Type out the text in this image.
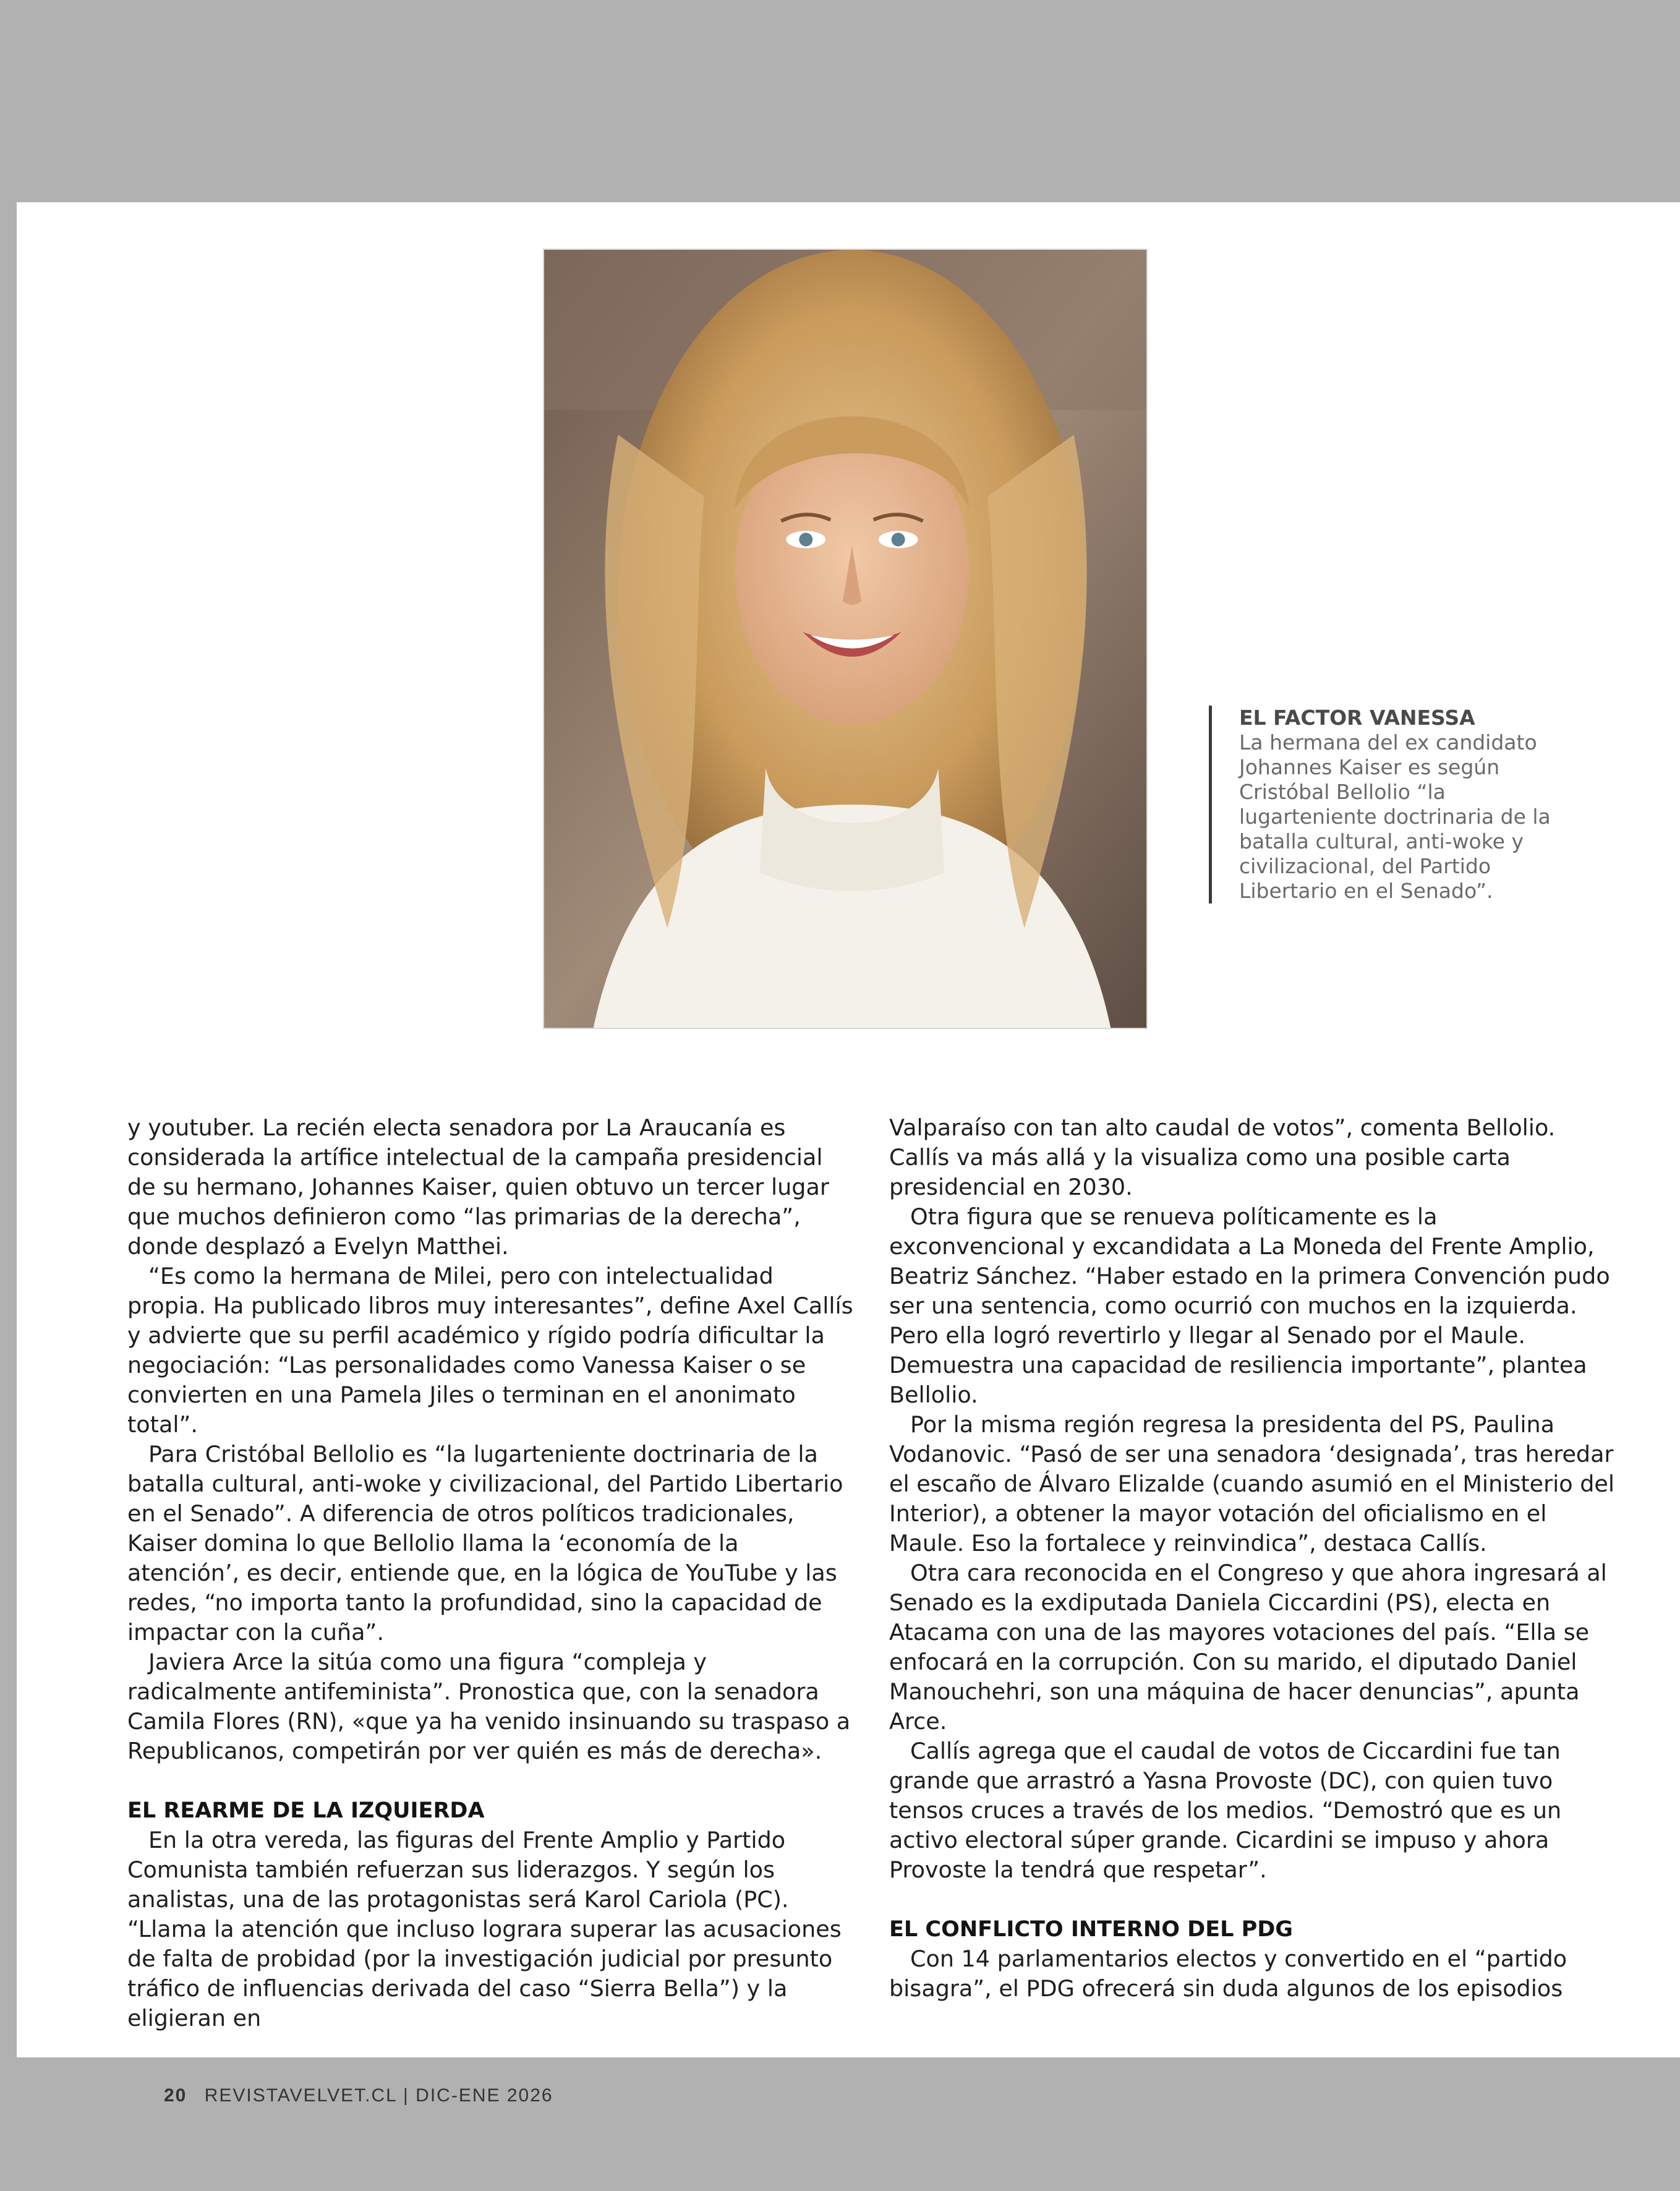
EL FACTOR VANESSA
La hermana del ex candidato Johannes Kaiser es según Cristóbal Bellolio “la lugarteniente doctrinaria de la batalla cultural, anti-woke y civilizacional, del Partido Libertario en el Senado”.

y youtuber. La recién electa senadora por La Araucanía es considerada la artífice intelectual de la campaña presidencial de su hermano, Johannes Kaiser, quien obtuvo un tercer lugar que muchos definieron como “las primarias de la derecha”, donde desplazó a Evelyn Matthei.

“Es como la hermana de Milei, pero con intelectualidad propia. Ha publicado libros muy interesantes”, define Axel Callís y advierte que su perfil académico y rígido podría dificultar la negociación: “Las personalidades como Vanessa Kaiser o se convierten en una Pamela Jiles o terminan en el anonimato total”.

Para Cristóbal Bellolio es “la lugarteniente doctrinaria de la batalla cultural, anti-woke y civilizacional, del Partido Libertario en el Senado”. A diferencia de otros políticos tradicionales, Kaiser domina lo que Bellolio llama la ‘economía de la atención’, es decir, entiende que, en la lógica de YouTube y las redes, “no importa tanto la profundidad, sino la capacidad de impactar con la cuña”.

Javiera Arce la sitúa como una figura “compleja y radicalmente antifeminista”. Pronostica que, con la senadora Camila Flores (RN), «que ya ha venido insinuando su traspaso a Republicanos, competirán por ver quién es más de derecha».

EL REARME DE LA IZQUIERDA

En la otra vereda, las figuras del Frente Amplio y Partido Comunista también refuerzan sus liderazgos. Y según los analistas, una de las protagonistas será Karol Cariola (PC). “Llama la atención que incluso lograra superar las acusaciones de falta de probidad (por la investigación judicial por presunto tráfico de influencias derivada del caso “Sierra Bella”) y la eligieran en

Valparaíso con tan alto caudal de votos”, comenta Bellolio. Callís va más allá y la visualiza como una posible carta presidencial en 2030.

Otra figura que se renueva políticamente es la exconvencional y excandidata a La Moneda del Frente Amplio, Beatriz Sánchez. “Haber estado en la primera Convención pudo ser una sentencia, como ocurrió con muchos en la izquierda. Pero ella logró revertirlo y llegar al Senado por el Maule. Demuestra una capacidad de resiliencia importante”, plantea Bellolio.

Por la misma región regresa la presidenta del PS, Paulina Vodanovic. “Pasó de ser una senadora ‘designada’, tras heredar el escaño de Álvaro Elizalde (cuando asumió en el Ministerio del Interior), a obtener la mayor votación del oficialismo en el Maule. Eso la fortalece y reinvindica”, destaca Callís.

Otra cara reconocida en el Congreso y que ahora ingresará al Senado es la exdiputada Daniela Ciccardini (PS), electa en Atacama con una de las mayores votaciones del país. “Ella se enfocará en la corrupción. Con su marido, el diputado Daniel Manouchehri, son una máquina de hacer denuncias”, apunta Arce.

Callís agrega que el caudal de votos de Ciccardini fue tan grande que arrastró a Yasna Provoste (DC), con quien tuvo tensos cruces a través de los medios. “Demostró que es un activo electoral súper grande. Cicardini se impuso y ahora Provoste la tendrá que respetar”.

EL CONFLICTO INTERNO DEL PDG

Con 14 parlamentarios electos y convertido en el “partido bisagra”, el PDG ofrecerá sin duda algunos de los episodios

20 REVISTAVELVET.CL | DIC-ENE 2026
